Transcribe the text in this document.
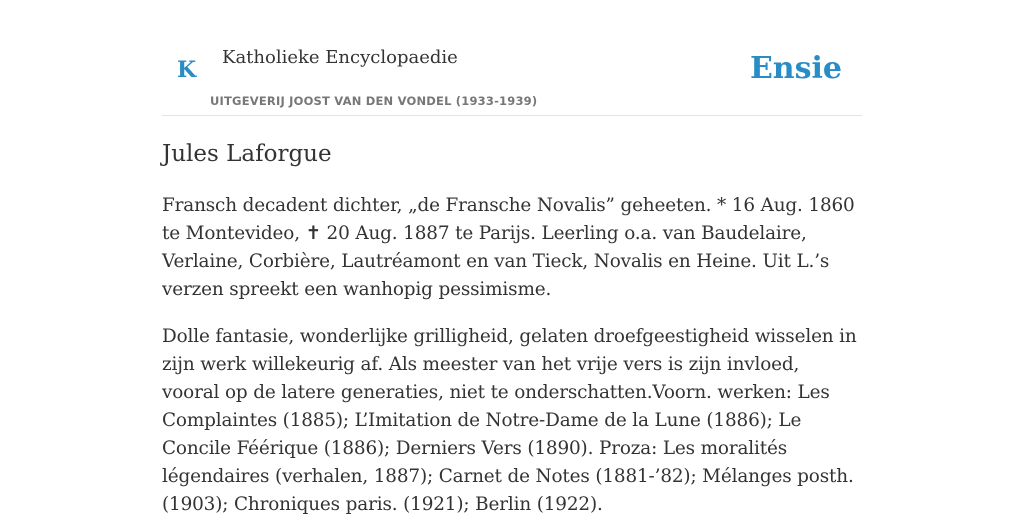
K Katholieke Encyclopaedie
UITGEVERIJ JOOST VAN DEN VONDEL (1933-1939)
Ensie
Jules Laforgue

Fransch decadent dichter, „de Fransche Novalis” geheeten. * 16 Aug. 1860 te Montevideo, ✝ 20 Aug. 1887 te Parijs. Leerling o.a. van Baudelaire, Verlaine, Corbière, Lautréamont en van Tieck, Novalis en Heine. Uit L.’s verzen spreekt een wanhopig pessimisme.

Dolle fantasie, wonderlijke grilligheid, gelaten droefgeestigheid wisselen in zijn werk willekeurig af. Als meester van het vrije vers is zijn invloed, vooral op de latere generaties, niet te onderschatten.Voorn. werken: Les Complaintes (1885); L’Imitation de Notre-Dame de la Lune (1886); Le Concile Féérique (1886); Derniers Vers (1890). Proza: Les moralités légendaires (verhalen, 1887); Carnet de Notes (1881-’82); Mélanges posth. (1903); Chroniques paris. (1921); Berlin (1922).
